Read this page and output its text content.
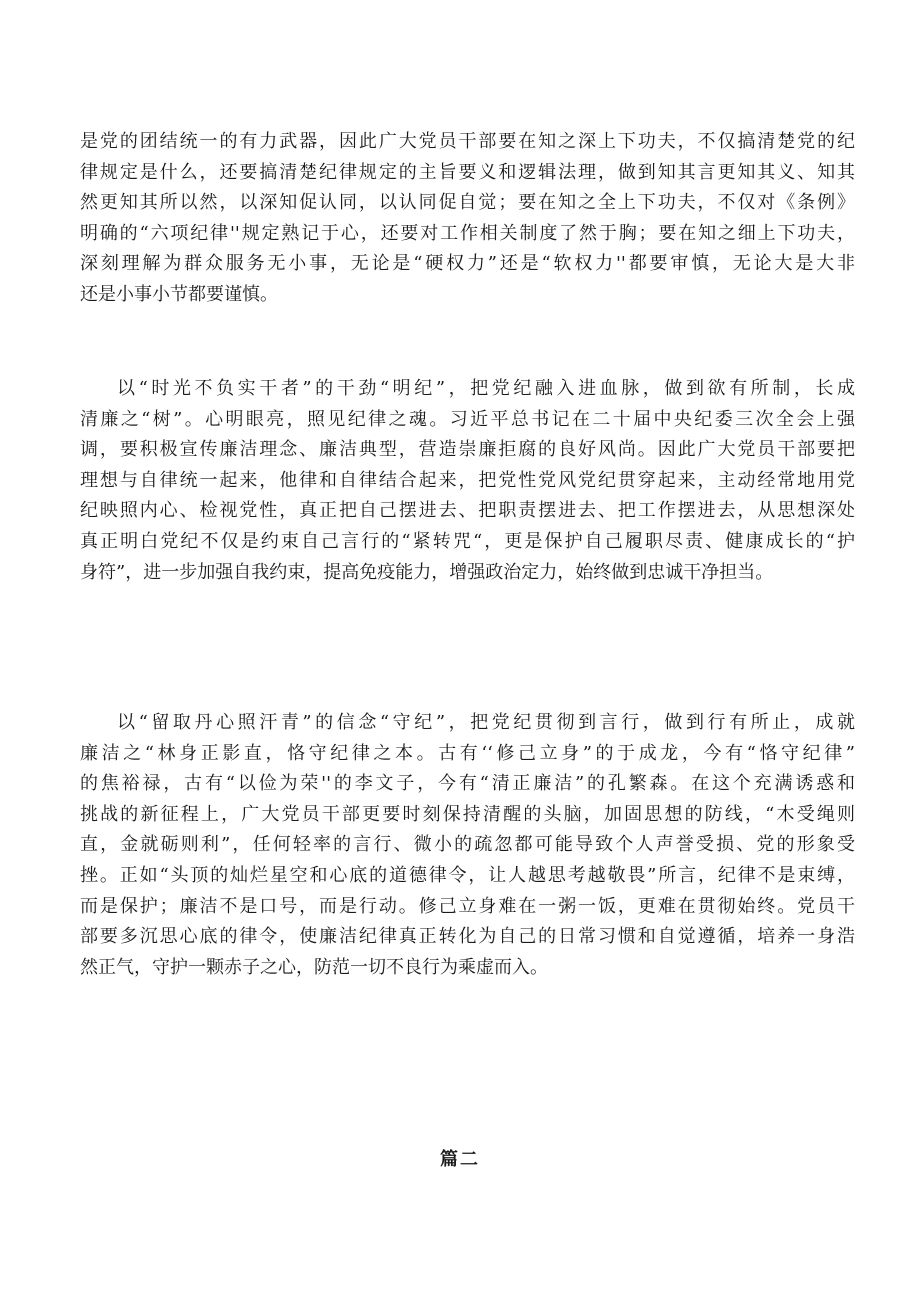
是党的团结统一的有力武器，因此广大党员干部要在知之深上下功夫，不仅搞清楚党的纪
律规定是什么，还要搞清楚纪律规定的主旨要义和逻辑法理，做到知其言更知其义、知其
然更知其所以然，以深知促认同，以认同促自觉；要在知之全上下功夫，不仅对《条例》
明确的“六项纪律''规定熟记于心，还要对工作相关制度了然于胸；要在知之细上下功夫，
深刻理解为群众服务无小事，无论是“硬权力”还是“软权力''都要审慎，无论大是大非
还是小事小节都要谨慎。
以“时光不负实干者”的干劲“明纪”，把党纪融入进血脉，做到欲有所制，长成
清廉之“树”。心明眼亮，照见纪律之魂。习近平总书记在二十届中央纪委三次全会上强
调，要积极宣传廉洁理念、廉洁典型，营造崇廉拒腐的良好风尚。因此广大党员干部要把
理想与自律统一起来，他律和自律结合起来，把党性党风党纪贯穿起来，主动经常地用党
纪映照内心、检视党性，真正把自己摆进去、把职责摆进去、把工作摆进去，从思想深处
真正明白党纪不仅是约束自己言行的“紧转咒“，更是保护自己履职尽责、健康成长的“护
身符”，进一步加强自我约束，提高免疫能力，增强政治定力，始终做到忠诚干净担当。
以“留取丹心照汗青”的信念“守纪”，把党纪贯彻到言行，做到行有所止，成就
廉洁之“林身正影直，恪守纪律之本。古有‘‘修己立身”的于成龙，今有“恪守纪律”
的焦裕禄，古有“以俭为荣''的李文子，今有“清正廉洁”的孔繁森。在这个充满诱惑和
挑战的新征程上，广大党员干部更要时刻保持清醒的头脑，加固思想的防线，“木受绳则
直，金就砺则利”，任何轻率的言行、微小的疏忽都可能导致个人声誉受损、党的形象受
挫。正如“头顶的灿烂星空和心底的道德律令，让人越思考越敬畏”所言，纪律不是束缚，
而是保护；廉洁不是口号，而是行动。修己立身难在一粥一饭，更难在贯彻始终。党员干
部要多沉思心底的律令，使廉洁纪律真正转化为自己的日常习惯和自觉遵循，培养一身浩
然正气，守护一颗赤子之心，防范一切不良行为乘虚而入。
篇二
